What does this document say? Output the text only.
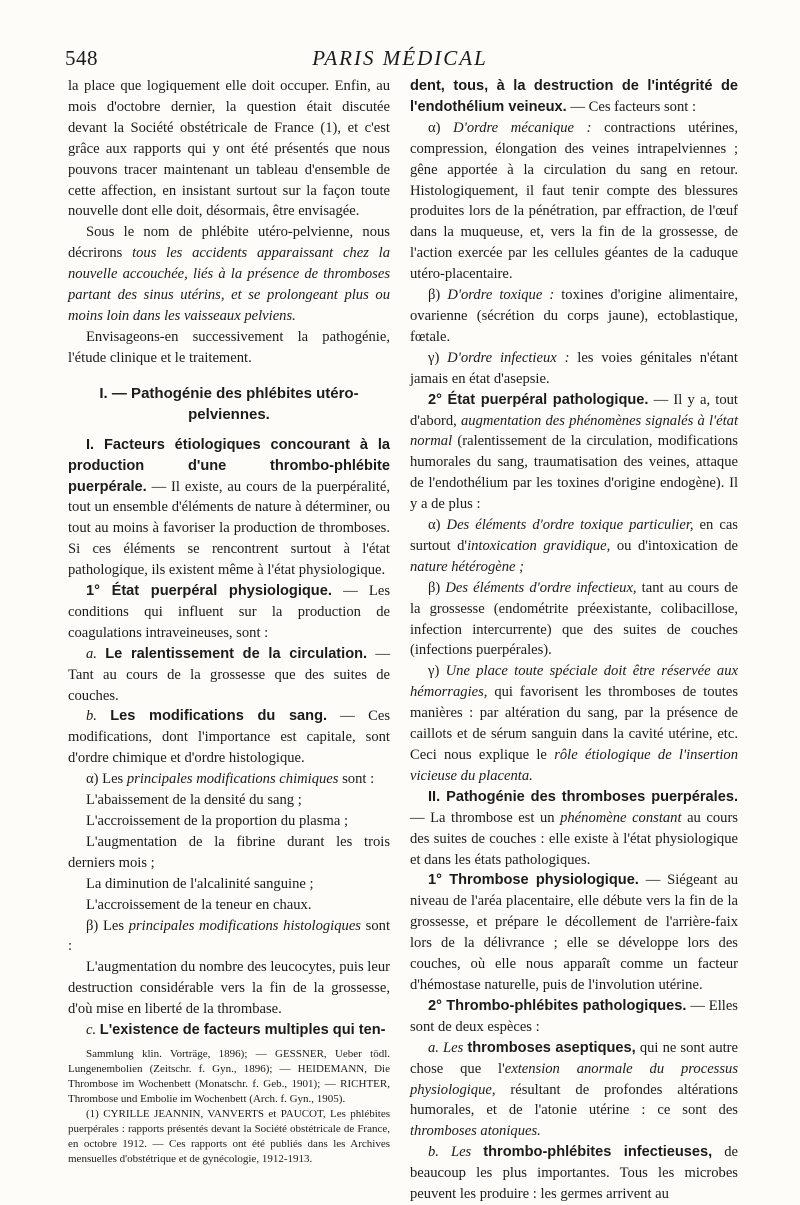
548	PARIS MÉDICAL

la place que logiquement elle doit occuper. Enfin, au mois d'octobre dernier, la question était discutée devant la Société obstétricale de France (1), et c'est grâce aux rapports qui y ont été présentés que nous pouvons tracer maintenant un tableau d'ensemble de cette affection, en insistant surtout sur la façon toute nouvelle dont elle doit, désormais, être envisagée.

Sous le nom de phlébite utéro-pelvienne, nous décrirons tous les accidents apparaissant chez la nouvelle accouchée, liés à la présence de thromboses partant des sinus utérins, et se prolongeant plus ou moins loin dans les vaisseaux pelviens.

Envisageons-en successivement la pathogénie, l'étude clinique et le traitement.

I. — Pathogénie des phlébites utéro-pelviennes.

I. Facteurs étiologiques concourant à la production d'une thrombo-phlébite puerpérale. — Il existe, au cours de la puerpéralité, tout un ensemble d'éléments de nature à déterminer, ou tout au moins à favoriser la production de thromboses. Si ces éléments se rencontrent surtout à l'état pathologique, ils existent même à l'état physiologique.

1° État puerpéral physiologique. — Les conditions qui influent sur la production de coagulations intraveineuses, sont :

a. Le ralentissement de la circulation. — Tant au cours de la grossesse que des suites de couches.

b. Les modifications du sang. — Ces modifications, dont l'importance est capitale, sont d'ordre chimique et d'ordre histologique.

α) Les principales modifications chimiques sont :

L'abaissement de la densité du sang ;

L'accroissement de la proportion du plasma ;

L'augmentation de la fibrine durant les trois derniers mois ;

La diminution de l'alcalinité sanguine ;

L'accroissement de la teneur en chaux.

β) Les principales modifications histologiques sont :

L'augmentation du nombre des leucocytes, puis leur destruction considérable vers la fin de la grossesse, d'où mise en liberté de la thrombase.

c. L'existence de facteurs multiples qui ten-

Sammlung klin. Vorträge, 1896); — GESSNER, Ueber tödl. Lungenembolien (Zeitschr. f. Gyn., 1896); — HEIDEMANN, Die Thrombose im Wochenbett (Monatschr. f. Geb., 1901); — RICHTER, Thrombose und Embolie im Wochenbett (Arch. f. Gyn., 1905).

(1) CYRILLE JEANNIN, VANVERTS et PAUCOT, Les phlébites puerpérales : rapports présentés devant la Société obstétricale de France, en octobre 1912. — Ces rapports ont été publiés dans les Archives mensuelles d'obstétrique et de gynécologie, 1912-1913.

dent, tous, à la destruction de l'intégrité de l'endothélium veineux. — Ces facteurs sont :

α) D'ordre mécanique : contractions utérines, compression, élongation des veines intrapelviennes ; gêne apportée à la circulation du sang en retour. Histologiquement, il faut tenir compte des blessures produites lors de la pénétration, par effraction, de l'œuf dans la muqueuse, et, vers la fin de la grossesse, de l'action exercée par les cellules géantes de la caduque utéro-placentaire.

β) D'ordre toxique : toxines d'origine alimentaire, ovarienne (sécrétion du corps jaune), ectoblastique, fœtale.

γ) D'ordre infectieux : les voies génitales n'étant jamais en état d'asepsie.

2° État puerpéral pathologique. — Il y a, tout d'abord, augmentation des phénomènes signalés à l'état normal (ralentissement de la circulation, modifications humorales du sang, traumatisation des veines, attaque de l'endothélium par les toxines d'origine endogène). Il y a de plus :

α) Des éléments d'ordre toxique particulier, en cas surtout d'intoxication gravidique, ou d'intoxication de nature hétérogène ;

β) Des éléments d'ordre infectieux, tant au cours de la grossesse (endométrite préexistante, colibacillose, infection intercurrente) que des suites de couches (infections puerpérales).

γ) Une place toute spéciale doit être réservée aux hémorragies, qui favorisent les thromboses de toutes manières : par altération du sang, par la présence de caillots et de sérum sanguin dans la cavité utérine, etc. Ceci nous explique le rôle étiologique de l'insertion vicieuse du placenta.

II. Pathogénie des thromboses puerpérales. — La thrombose est un phénomène constant au cours des suites de couches : elle existe à l'état physiologique et dans les états pathologiques.

1° Thrombose physiologique. — Siégeant au niveau de l'aréa placentaire, elle débute vers la fin de la grossesse, et prépare le décollement de l'arrière-faix lors de la délivrance ; elle se développe lors des couches, où elle nous apparaît comme un facteur d'hémostase naturelle, puis de l'involution utérine.

2° Thrombo-phlébites pathologiques. — Elles sont de deux espèces :

a. Les thromboses aseptiques, qui ne sont autre chose que l'extension anormale du processus physiologique, résultant de profondes altérations humorales, et de l'atonie utérine : ce sont des thromboses atoniques.

b. Les thrombo-phlébites infectieuses, de beaucoup les plus importantes. Tous les microbes peuvent les produire : les germes arrivent au
